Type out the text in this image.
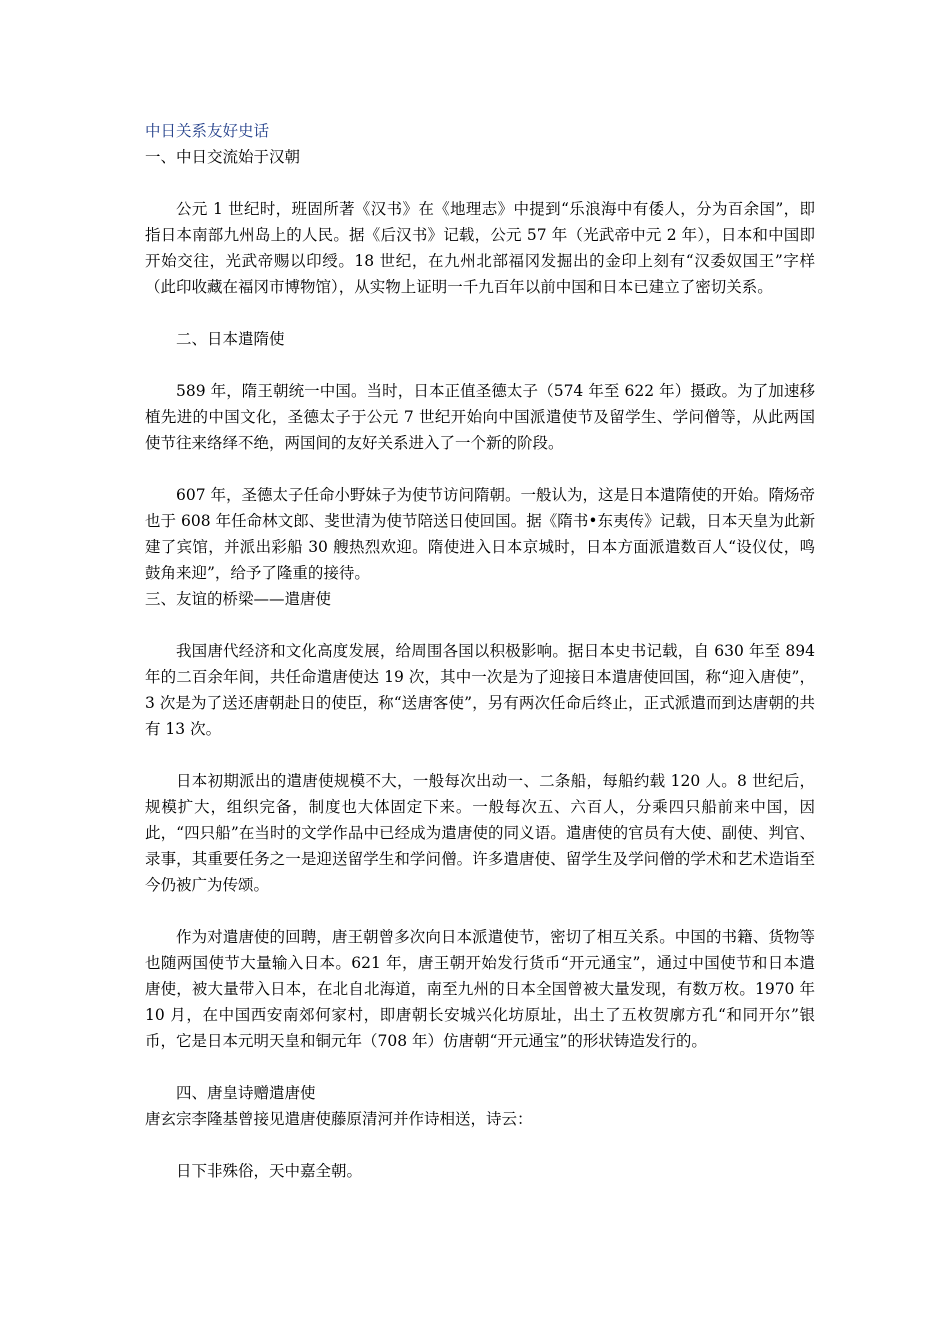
中日关系友好史话
一、中日交流始于汉朝
公元 1 世纪时，班固所著《汉书》在《地理志》中提到“乐浪海中有倭人，分为百余国”，即指日本南部九州岛上的人民。据《后汉书》记载，公元 57 年（光武帝中元 2 年），日本和中国即开始交往，光武帝赐以印绶。18 世纪，在九州北部福冈发掘出的金印上刻有“汉委奴国王”字样（此印收藏在福冈市博物馆），从实物上证明一千九百年以前中国和日本已建立了密切关系。
二、日本遣隋使
589 年，隋王朝统一中国。当时，日本正值圣德太子（574 年至 622 年）摄政。为了加速移植先进的中国文化，圣德太子于公元 7 世纪开始向中国派遣使节及留学生、学问僧等，从此两国使节往来络绎不绝，两国间的友好关系进入了一个新的阶段。
607 年，圣德太子任命小野妹子为使节访问隋朝。一般认为，这是日本遣隋使的开始。隋炀帝也于 608 年任命林文郎、斐世清为使节陪送日使回国。据《隋书•东夷传》记载，日本天皇为此新建了宾馆，并派出彩船 30 艘热烈欢迎。隋使进入日本京城时，日本方面派遣数百人“设仪仗，鸣鼓角来迎”，给予了隆重的接待。
三、友谊的桥梁——遣唐使
我国唐代经济和文化高度发展，给周围各国以积极影响。据日本史书记载，自 630 年至 894 年的二百余年间，共任命遣唐使达 19 次，其中一次是为了迎接日本遣唐使回国，称“迎入唐使”，3 次是为了送还唐朝赴日的使臣，称“送唐客使”，另有两次任命后终止，正式派遣而到达唐朝的共有 13 次。
日本初期派出的遣唐使规模不大，一般每次出动一、二条船，每船约载 120 人。8 世纪后，规模扩大，组织完备，制度也大体固定下来。一般每次五、六百人，分乘四只船前来中国，因此，“四只船”在当时的文学作品中已经成为遣唐使的同义语。遣唐使的官员有大使、副使、判官、录事，其重要任务之一是迎送留学生和学问僧。许多遣唐使、留学生及学问僧的学术和艺术造诣至今仍被广为传颂。
作为对遣唐使的回聘，唐王朝曾多次向日本派遣使节，密切了相互关系。中国的书籍、货物等也随两国使节大量输入日本。621 年，唐王朝开始发行货币“开元通宝”，通过中国使节和日本遣唐使，被大量带入日本，在北自北海道，南至九州的日本全国曾被大量发现，有数万枚。1970 年 10 月，在中国西安南郊何家村，即唐朝长安城兴化坊原址，出土了五枚贺廓方孔“和同开尔”银币，它是日本元明天皇和铜元年（708 年）仿唐朝“开元通宝”的形状铸造发行的。
四、唐皇诗赠遣唐使
唐玄宗李隆基曾接见遣唐使藤原清河并作诗相送，诗云：
日下非殊俗，天中嘉全朝。
